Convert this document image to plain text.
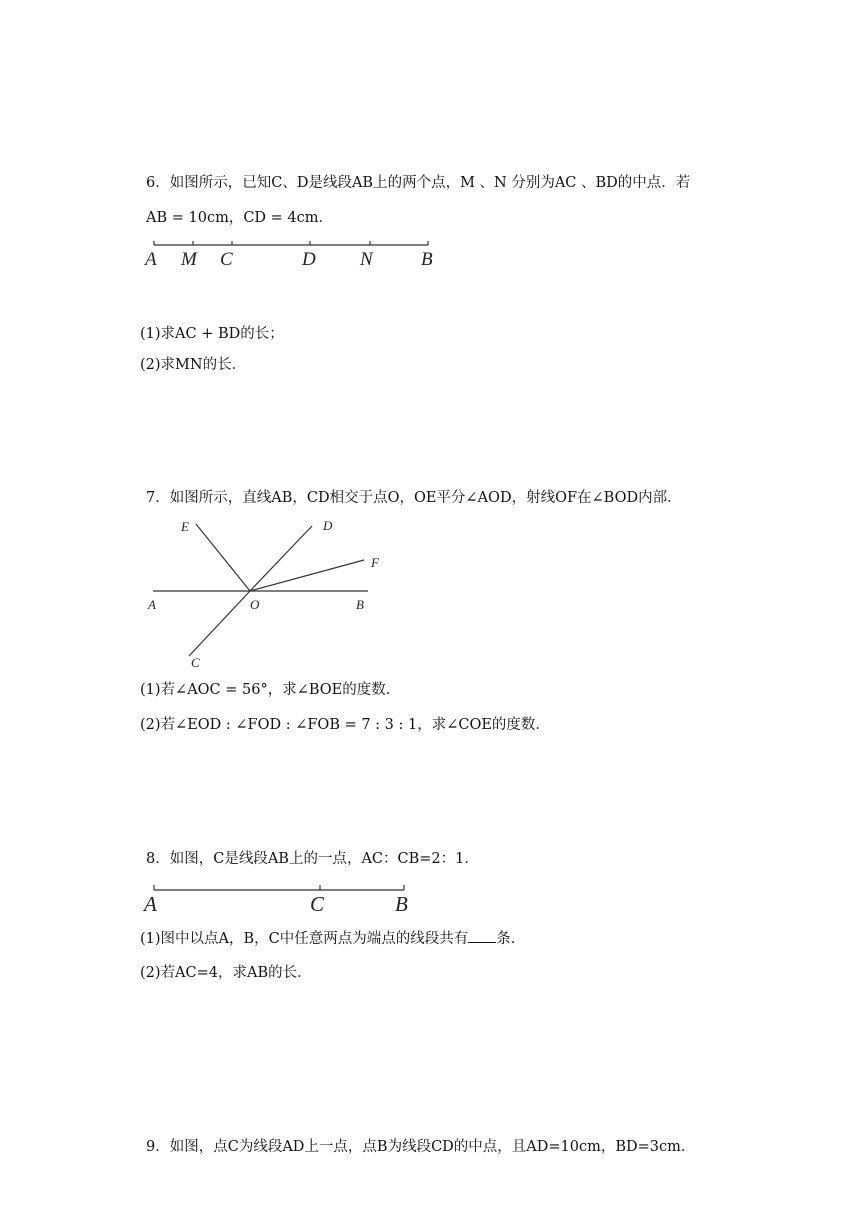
6．如图所示，已知C、D是线段AB上的两个点，M 、N 分别为AC 、BD的中点．若
AB = 10cm，CD = 4cm．
A M C	D N	B
(1)求AC + BD的长；
(2)求MN的长．
7．如图所示，直线AB，CD相交于点O，OE平分∠AOD，射线OF在∠BOD内部．
E	D
F
A	O	B
C
(1)若∠AOC = 56°，求∠BOE的度数．
(2)若∠EOD : ∠FOD : ∠FOB = 7 : 3 : 1，求∠COE的度数．
8．如图，C是线段AB上的一点，AC：CB=2：1．
A	C	B
(1)图中以点A，B，C中任意两点为端点的线段共有 条．
(2)若AC=4，求AB的长．
9．如图，点C为线段AD上一点，点B为线段CD的中点，且AD=10cm，BD=3cm．
